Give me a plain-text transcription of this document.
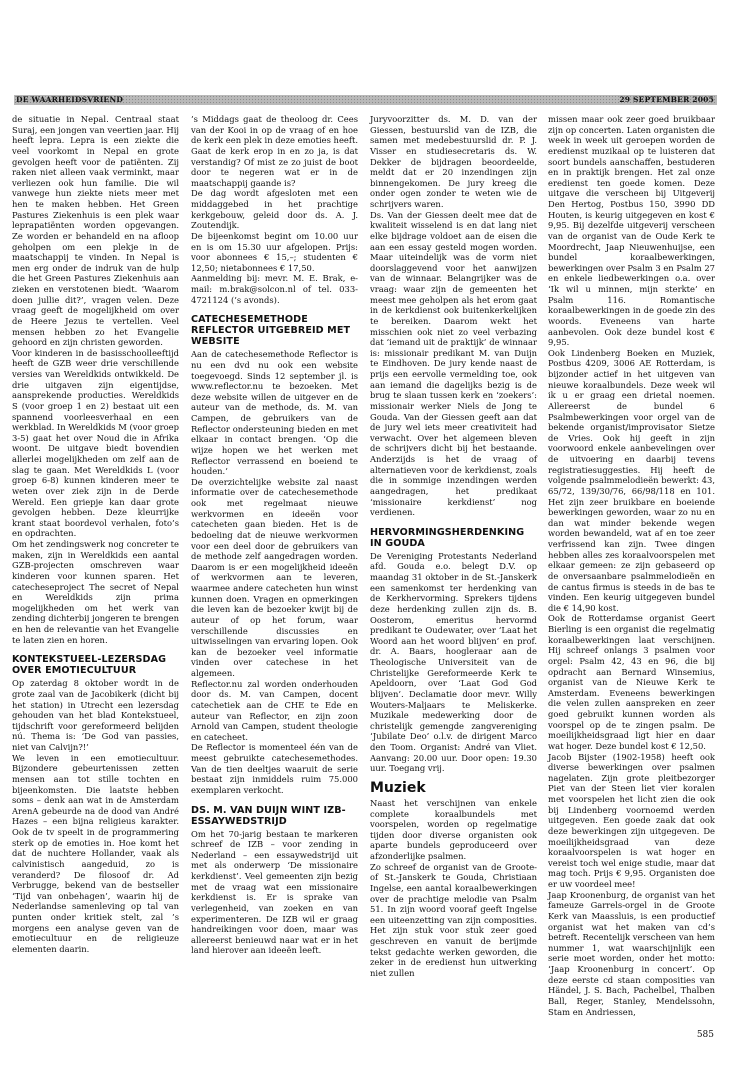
DE WAARHEIDSVRIEND	29 SEPTEMBER 2005

de situatie in Nepal. Centraal staat Suraj, een jongen van veertien jaar. Hij heeft lepra. Lepra is een ziekte die veel voorkomt in Nepal en grote gevolgen heeft voor de patiënten. Zij raken niet alleen vaak verminkt, maar verliezen ook hun familie. Die wil vanwege hun ziekte niets meer met hen te maken hebben. Het Green Pastures Ziekenhuis is een plek waar leprapatiënten worden opgevangen. Ze worden er behandeld en na afloop geholpen om een plekje in de maatschappij te vinden. In Nepal is men erg onder de indruk van de hulp die het Green Pastures Ziekenhuis aan zieken en verstotenen biedt. ‘Waarom doen jullie dit?’, vragen velen. Deze vraag geeft de mogelijkheid om over de Heere Jezus te vertellen. Veel mensen hebben zo het Evangelie gehoord en zijn christen geworden.

Voor kinderen in de basisschoolleeftijd heeft de GZB weer drie verschillende versies van Wereldkids ontwikkeld. De drie uitgaven zijn eigentijdse, aansprekende producties. Wereldkids S (voor groep 1 en 2) bestaat uit een spannend voorleesverhaal en een werkblad. In Wereldkids M (voor groep 3-5) gaat het over Noud die in Afrika woont. De uitgave biedt bovendien allerlei mogelijkheden om zelf aan de slag te gaan. Met Wereldkids L (voor groep 6-8) kunnen kinderen meer te weten over ziek zijn in de Derde Wereld. Een griepje kan daar grote gevolgen hebben. Deze kleurrijke krant staat boordevol verhalen, foto’s en opdrachten.

Om het zendingswerk nog concreter te maken, zijn in Wereldkids een aantal GZB-projecten omschreven waar kinderen voor kunnen sparen. Het catecheseproject The secret of Nepal en Wereldkids zijn prima mogelijkheden om het werk van zending dichterbij jongeren te brengen en hen de relevantie van het Evangelie te laten zien en horen.

KONTEKSTUEEL-LEZERSDAG OVER EMOTIECULTUUR

Op zaterdag 8 oktober wordt in de grote zaal van de Jacobikerk (dicht bij het station) in Utrecht een lezersdag gehouden van het blad Kontekstueel, tijdschrift voor gereformeerd belijden nú. Thema is: ‘De God van passies, niet van Calvijn?!’

We leven in een emotiecultuur. Bijzondere gebeurtenissen zetten mensen aan tot stille tochten en bijeenkomsten. Die laatste hebben soms – denk aan wat in de Amsterdam ArenA gebeurde na de dood van André Hazes – een bijna religieus karakter. Ook de tv speelt in de programmering sterk op de emoties in. Hoe komt het dat de nuchtere Hollander, vaak als calvinistisch aangeduid, zo is veranderd? De filosoof dr. Ad Verbrugge, bekend van de bestseller ‘Tijd van onbehagen’, waarin hij de Nederlandse samenleving op tal van punten onder kritiek stelt, zal ’s morgens een analyse geven van de emotiecultuur en de religieuze elementen daarin.

’s Middags gaat de theoloog dr. Cees van der Kooi in op de vraag of en hoe de kerk een plek in deze emoties heeft. Gaat de kerk erop in en zo ja, is dat verstandig? Of mist ze zo juist de boot door te negeren wat er in de maatschappij gaande is?

De dag wordt afgesloten met een middaggebed in het prachtige kerkgebouw, geleid door ds. A. J. Zoutendijk.

De bijeenkomst begint om 10.00 uur en is om 15.30 uur afgelopen. Prijs: voor abonnees € 15,–; studenten € 12,50; nietabonnees € 17,50.

Aanmelding bij: mevr. M. E. Brak, e-mail: m.brak@solcon.nl of tel. 033-4721124 (’s avonds).

CATECHESEMETHODE REFLECTOR UITGEBREID MET WEBSITE

Aan de catechesemethode Reflector is nu een dvd nu ook een website toegevoegd. Sinds 12 september jl. is www.reflector.nu te bezoeken. Met deze website willen de uitgever en de auteur van de methode, ds. M. van Campen, de gebruikers van de Reflector ondersteuning bieden en met elkaar in contact brengen. ‘Op die wijze hopen we het werken met Reflector verrassend en boeiend te houden.’

De overzichtelijke website zal naast informatie over de catechesemethode ook met regelmaat nieuwe werkvormen en ideeën voor catecheten gaan bieden. Het is de bedoeling dat de nieuwe werkvormen voor een deel door de gebruikers van de methode zelf aangedragen worden. Daarom is er een mogelijkheid ideeën of werkvormen aan te leveren, waarmee andere catecheten hun winst kunnen doen. Vragen en opmerkingen die leven kan de bezoeker kwijt bij de auteur of op het forum, waar verschillende discussies en uitwisselingen van ervaring lopen. Ook kan de bezoeker veel informatie vinden over catechese in het algemeen.

Reflector.nu zal worden onderhouden door ds. M. van Campen, docent catechetiek aan de CHE te Ede en auteur van Reflector, en zijn zoon Arnold van Campen, student theologie en catecheet.

De Reflector is momenteel één van de meest gebruikte catechesemethodes. Van de tien deeltjes waaruit de serie bestaat zijn inmiddels ruim 75.000 exemplaren verkocht.

DS. M. VAN DUIJN WINT IZB-ESSAYWEDSTRIJD

Om het 70-jarig bestaan te markeren schreef de IZB – voor zending in Nederland – een essaywedstrijd uit met als onderwerp ‘De missionaire kerkdienst’. Veel gemeenten zijn bezig met de vraag wat een missionaire kerkdienst is. Er is sprake van verlegenheid, van zoeken en van experimenteren. De IZB wil er graag handreikingen voor doen, maar was allereerst benieuwd naar wat er in het land hierover aan ideeën leeft.

Juryvoorzitter ds. M. D. van der Giessen, bestuurslid van de IZB, die samen met medebestuurslid dr. P. J. Visser en studiesecretaris ds. W. Dekker de bijdragen beoordeelde, meldt dat er 20 inzendingen zijn binnengekomen. De jury kreeg die onder ogen zonder te weten wie de schrijvers waren.

Ds. Van der Giessen deelt mee dat de kwaliteit wisselend is en dat lang niet elke bijdrage voldoet aan de eisen die aan een essay gesteld mogen worden. Maar uiteindelijk was de vorm niet doorslaggevend voor het aanwijzen van de winnaar. Belangrijker was de vraag: waar zijn de gemeenten het meest mee geholpen als het erom gaat in de kerkdienst ook buitenkerkelijken te bereiken. Daarom wekt het misschien ook niet zo veel verbazing dat ‘iemand uit de praktijk’ de winnaar is: missionair predikant M. van Duijn te Eindhoven. De jury kende naast de prijs een eervolle vermelding toe, ook aan iemand die dagelijks bezig is de brug te slaan tussen kerk en ‘zoekers’: missionair werker Niels de Jong te Gouda. Van der Giessen geeft aan dat de jury wel iets meer creativiteit had verwacht. Over het algemeen bleven de schrijvers dicht bij het bestaande. Anderzijds is het de vraag of alternatieven voor de kerkdienst, zoals die in sommige inzendingen werden aangedragen, het predikaat ‘missionaire kerkdienst’ nog verdienen.

HERVORMINGSHERDENKING IN GOUDA

De Vereniging Protestants Nederland afd. Gouda e.o. belegt D.V. op maandag 31 oktober in de St.-Janskerk een samenkomst ter herdenking van de Kerkhervorming. Sprekers tijdens deze herdenking zullen zijn ds. B. Oosterom, emeritus hervormd predikant te Oudewater, over ‘Laat het Woord aan het woord blijven’ en prof. dr. A. Baars, hoogleraar aan de Theologische Universiteit van de Christelijke Gereformeerde Kerk te Apeldoorn, over ‘Laat God God blijven’. Declamatie door mevr. Willy Wouters-Maljaars te Meliskerke. Muzikale medewerking door de christelijk gemengde zangvereniging ‘Jubilate Deo’ o.l.v. de dirigent Marco den Toom. Organist: André van Vliet. Aanvang: 20.00 uur. Door open: 19.30 uur. Toegang vrij.

Muziek

Naast het verschijnen van enkele complete koraalbundels met voorspelen, worden op regelmatige tijden door diverse organisten ook aparte bundels geproduceerd over afzonderlijke psalmen.

Zo schreef de organist van de Groote- of St.-Janskerk te Gouda, Christiaan Ingelse, een aantal koraalbewerkingen over de prachtige melodie van Psalm 51. In zijn woord vooraf geeft Ingelse een uiteenzetting van zijn composities. Het zijn stuk voor stuk zeer goed geschreven en vanuit de berijmde tekst gedachte werken geworden, die zeker in de eredienst hun uitwerking niet zullen

missen maar ook zeer goed bruikbaar zijn op concerten. Laten organisten die week in week uit geroepen worden de eredienst muzikaal op te luisteren dat soort bundels aanschaffen, bestuderen en in praktijk brengen. Het zal onze eredienst ten goede komen. Deze uitgave die verscheen bij Uitgeverij Den Hertog, Postbus 150, 3990 DD Houten, is keurig uitgegeven en kost € 9,95. Bij dezelfde uitgeverij verscheen van de organist van de Oude Kerk te Moordrecht, Jaap Nieuwenhuijse, een bundel koraalbewerkingen, bewerkingen over Psalm 3 en Psalm 27 en enkele liedbewerkingen o.a. over ‘Ik wil u minnen, mijn sterkte’ en Psalm 116. Romantische koraalbewerkingen in de goede zin des woords. Eveneens van harte aanbevolen. Ook deze bundel kost € 9,95.

Ook Lindenberg Boeken en Muziek, Postbus 4209, 3006 AE Rotterdam, is bijzonder actief in het uitgeven van nieuwe koraalbundels. Deze week wil ik u er graag een drietal noemen. Allereerst de bundel 6 Psalmbewerkingen voor orgel van de bekende organist/improvisator Sietze de Vries. Ook hij geeft in zijn voorwoord enkele aanbevelingen over de uitvoering en daarbij tevens registratiesuggesties. Hij heeft de volgende psalmmelodieën bewerkt: 43, 65/72, 139/30/76, 66/98/118 en 101. Het zijn zeer bruikbare en boeiende bewerkingen geworden, waar zo nu en dan wat minder bekende wegen worden bewandeld, wat af en toe zeer verfrissend kan zijn. Twee dingen hebben alles zes koraalvoorspelen met elkaar gemeen: ze zijn gebaseerd op de onversaanbare psalmmelodieën en de cantus firmus is steeds in de bas te vinden. Een keurig uitgegeven bundel die € 14,90 kost.

Ook de Rotterdamse organist Geert Bierling is een organist die regelmatig koraalbewerkingen laat verschijnen. Hij schreef onlangs 3 psalmen voor orgel: Psalm 42, 43 en 96, die bij opdracht aan Bernard Winsemius, organist van de Nieuwe Kerk te Amsterdam. Eveneens bewerkingen die velen zullen aanspreken en zeer goed gebruikt kunnen worden als voorspel op de te zingen psalm. De moeilijkheidsgraad ligt hier en daar wat hoger. Deze bundel kost € 12,50.

Jacob Bijster (1902-1958) heeft ook diverse bewerkingen over psalmen nagelaten. Zijn grote pleitbezorger Piet van der Steen liet vier koralen met voorspelen het licht zien die ook bij Lindenberg voornoemd werden uitgegeven. Een goede zaak dat ook deze bewerkingen zijn uitgegeven. De moeilijkheidsgraad van deze koraalvoorspelen is wat hoger en vereist toch wel enige studie, maar dat mag toch. Prijs € 9,95. Organisten doe er uw voordeel mee!

Jaap Kroonenburg, de organist van het fameuze Garrels-orgel in de Groote Kerk van Maassluis, is een productief organist wat het maken van cd’s betreft. Recentelijk verscheen van hem nummer 1, wat waarschijnlijk een serie moet worden, onder het motto: ‘Jaap Kroonenburg in concert’. Op deze eerste cd staan composities van Händel, J. S. Bach, Pachelbel, Thalben Ball, Reger, Stanley, Mendelssohn, Stam en Andriessen,

585
